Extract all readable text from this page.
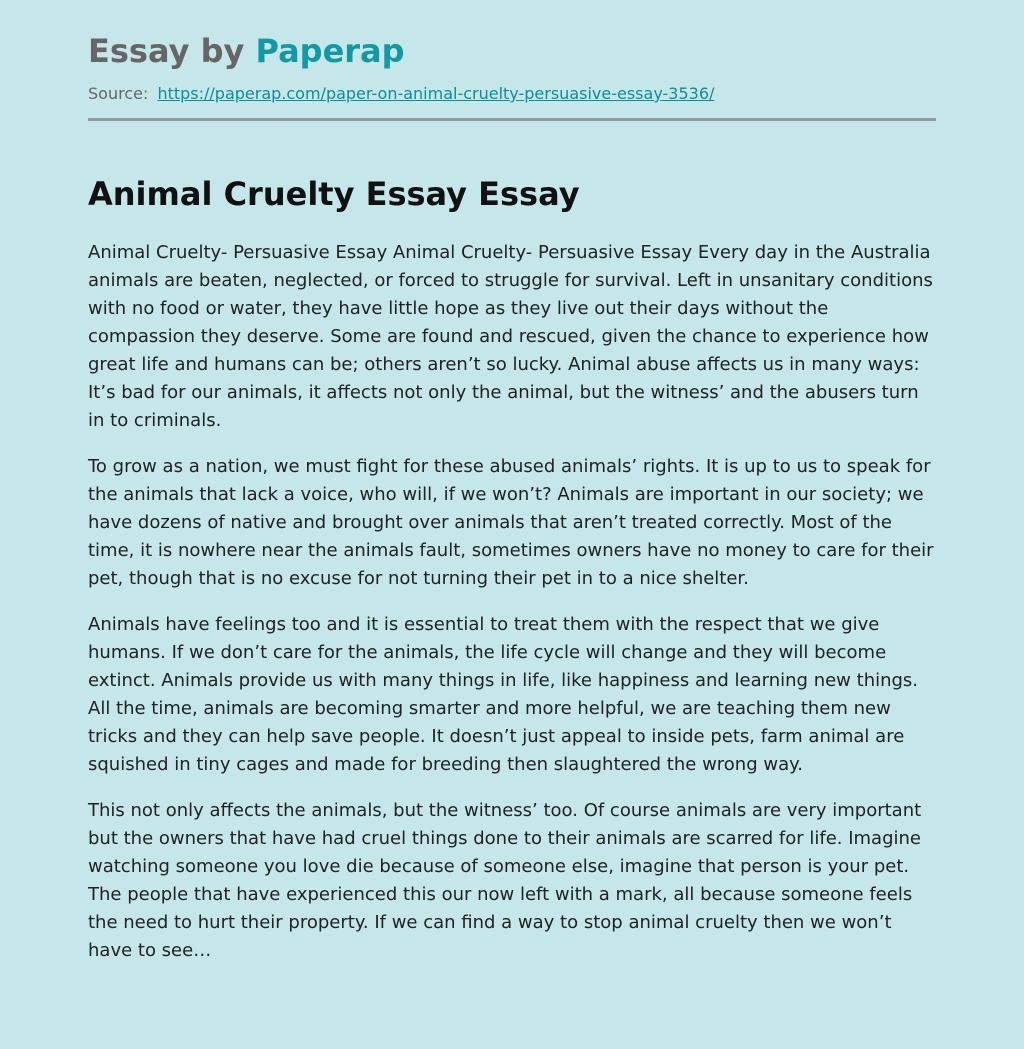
Essay by Paperap
Source: https://paperap.com/paper-on-animal-cruelty-persuasive-essay-3536/
Animal Cruelty Essay Essay

Animal Cruelty- Persuasive Essay Animal Cruelty- Persuasive Essay Every day in the Australia animals are beaten, neglected, or forced to struggle for survival. Left in unsanitary conditions with no food or water, they have little hope as they live out their days without the compassion they deserve. Some are found and rescued, given the chance to experience how great life and humans can be; others aren’t so lucky. Animal abuse affects us in many ways: It’s bad for our animals, it affects not only the animal, but the witness’ and the abusers turn in to criminals.

To grow as a nation, we must fight for these abused animals’ rights. It is up to us to speak for the animals that lack a voice, who will, if we won’t? Animals are important in our society; we have dozens of native and brought over animals that aren’t treated correctly. Most of the time, it is nowhere near the animals fault, sometimes owners have no money to care for their pet, though that is no excuse for not turning their pet in to a nice shelter.

Animals have feelings too and it is essential to treat them with the respect that we give humans. If we don’t care for the animals, the life cycle will change and they will become extinct. Animals provide us with many things in life, like happiness and learning new things. All the time, animals are becoming smarter and more helpful, we are teaching them new tricks and they can help save people. It doesn’t just appeal to inside pets, farm animal are squished in tiny cages and made for breeding then slaughtered the wrong way.

This not only affects the animals, but the witness’ too. Of course animals are very important but the owners that have had cruel things done to their animals are scarred for life. Imagine watching someone you love die because of someone else, imagine that person is your pet. The people that have experienced this our now left with a mark, all because someone feels the need to hurt their property. If we can find a way to stop animal cruelty then we won’t have to see…
